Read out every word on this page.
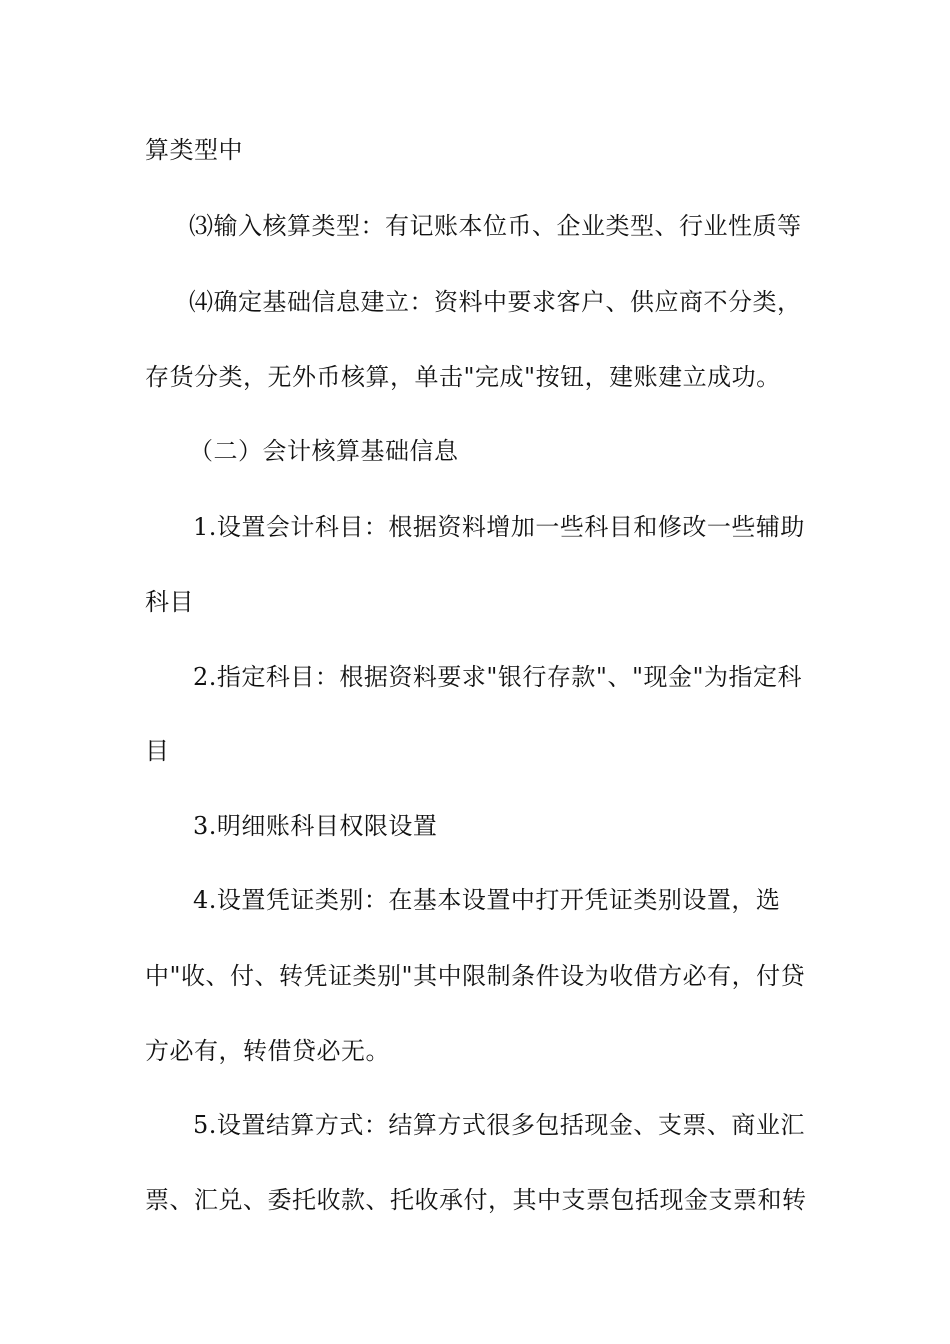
算类型中
⑶输入核算类型：有记账本位币、企业类型、行业性质等
⑷确定基础信息建立：资料中要求客户、供应商不分类，
存货分类，无外币核算，单击"完成"按钮，建账建立成功。
（二）会计核算基础信息
1.设置会计科目：根据资料增加一些科目和修改一些辅助
科目
2.指定科目：根据资料要求"银行存款"、"现金"为指定科
目
3.明细账科目权限设置
4.设置凭证类别：在基本设置中打开凭证类别设置，选
中"收、付、转凭证类别"其中限制条件设为收借方必有，付贷
方必有，转借贷必无。
5.设置结算方式：结算方式很多包括现金、支票、商业汇
票、汇兑、委托收款、托收承付，其中支票包括现金支票和转
